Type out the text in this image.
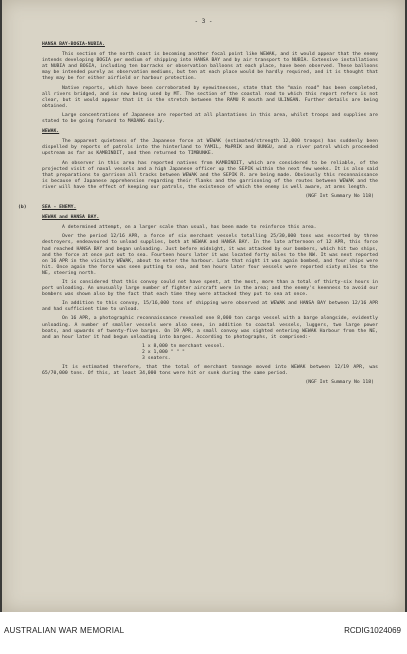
- 3 -
HANSA BAY-BOGIA-NUBIA.

This section of the north coast is becoming another focal point like WEWAK, and it would appear that the enemy intends developing BOGIA per medium of shipping into HANSA BAY and by air transport to NUBIA. Extensive installations at NUBIA and BOGIA, including ten barracks or observation balloons at each place, have been observed. These balloons may be intended purely as observation mediums, but ten at each place would be hardly required, and it is thought that they may be for either airfield or harbour protection.

Native reports, which have been corroborated by eyewitnesses, state that the “main road” has been completed, all rivers bridged, and is now being used by MT. The section of the coastal road to which this report refers is not clear, but it would appear that it is the stretch between the RAMU R mouth and ULINGAN. Further details are being obtained.

Large concentrations of Japanese are reported at all plantations in this area, whilst troops and supplies are stated to be going forward to MADANG daily.

WEWAK.

The apparent quietness of the Japanese force at WEWAK (estimated/strength 12,000 troops) has suddenly been dispelled by reports of patrols into the hinterland to YAMIL, MaPRIK and BUNGU, and a river patrol which proceeded upstream as far as KAMBINDIT, and then returned to TIMBUNKE.

An observer in this area has reported natives from KAMBINDIT, which are considered to be reliable, of the projected visit of naval vessels and a high Japanese officer up the SEPIK within the next few weeks. It is also said that preparations to garrison all tracks between WEWAK and the SEPIK R. are being made. Obviously this reconnaissance is because of Japanese apprehension regarding their flanks and the garrisoning of the routes between WEWAK and the river will have the effect of keeping our patrols, the existence of which the enemy is well aware, at arms length.

(NGF Int Summary No 118)
(b)	SEA - ENEMY.
WEWAK and HANSA BAY.

A determined attempt, on a larger scale than usual, has been made to reinforce this area.

Over the period 12/16 APR, a force of six merchant vessels totalling 25/30,000 tons was escorted by three destroyers, endeavoured to unload supplies, both at WEWAK and HANSA BAY. In the late afternoon of 12 APR, this force had reached HANSA BAY and began unloading. Just before midnight, it was attacked by our bombers, which hit two ships, and the force at once put out to sea. Fourteen hours later it was located forty miles to the NW. It was next reported on 16 APR in the vicinity WEWAK, about to enter the harbour. Late that night it was again bombed, and four ships were hit. Once again the force was seen putting to sea, and ten hours later four vessels were reported sixty miles to the NE, steering north.

It is considered that this convoy could not have spent, at the most, more than a total of thirty-six hours in port unloading. An unusually large number of fighter aircraft were in the area; and the enemy's keenness to avoid our bombers was shown also by the fact that each time they were attacked they put to sea at once.

In addition to this convoy, 15/16,000 tons of shipping were observed at WEWAK and HANSA BAY between 12/16 APR and had sufficient time to unload.

On 16 APR, a photographic reconnaissance revealed one 8,000 ton cargo vessel with a barge alongside, evidently unloading. A number of smaller vessels were also seen, in addition to coastal vessels, luggers, two large power boats, and upwards of twenty-five barges. On 19 APR, a small convoy was sighted entering WEWAK Harbour from the NE, and an hour later it had begun unloading into barges. According to photographs, it comprised:-

1 x 8,000 tn merchant vessel.
2 x 1,000 " " "
3 seaters.

It is estimated therefore, that the total of merchant tonnage moved into WEWAK between 12/19 APR, was 65/70,000 tons. Of this, at least 34,000 tons were hit or sunk during the same period.

(NGF Int Summary No 118)
AUSTRALIAN WAR MEMORIAL	RCDIG1024069
